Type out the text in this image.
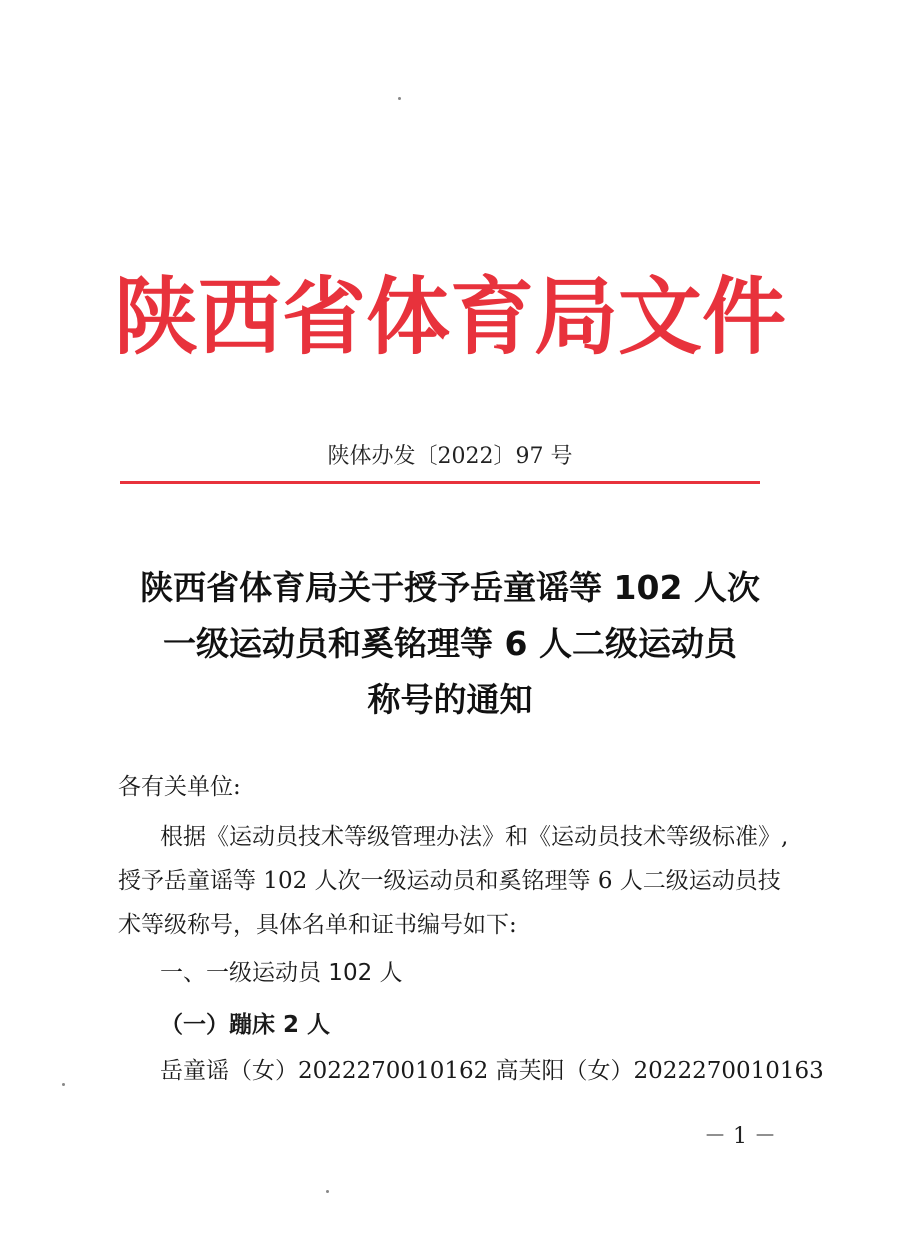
陕西省体育局文件
陕体办发〔2022〕97 号
陕西省体育局关于授予岳童谣等 102 人次
一级运动员和奚铭理等 6 人二级运动员
称号的通知
各有关单位:
根据《运动员技术等级管理办法》和《运动员技术等级标准》,
授予岳童谣等 102 人次一级运动员和奚铭理等 6 人二级运动员技
术等级称号，具体名单和证书编号如下:
一、一级运动员 102 人
（一）蹦床 2 人
岳童谣（女）2022270010162 高芙阳（女）2022270010163
－ 1 －
